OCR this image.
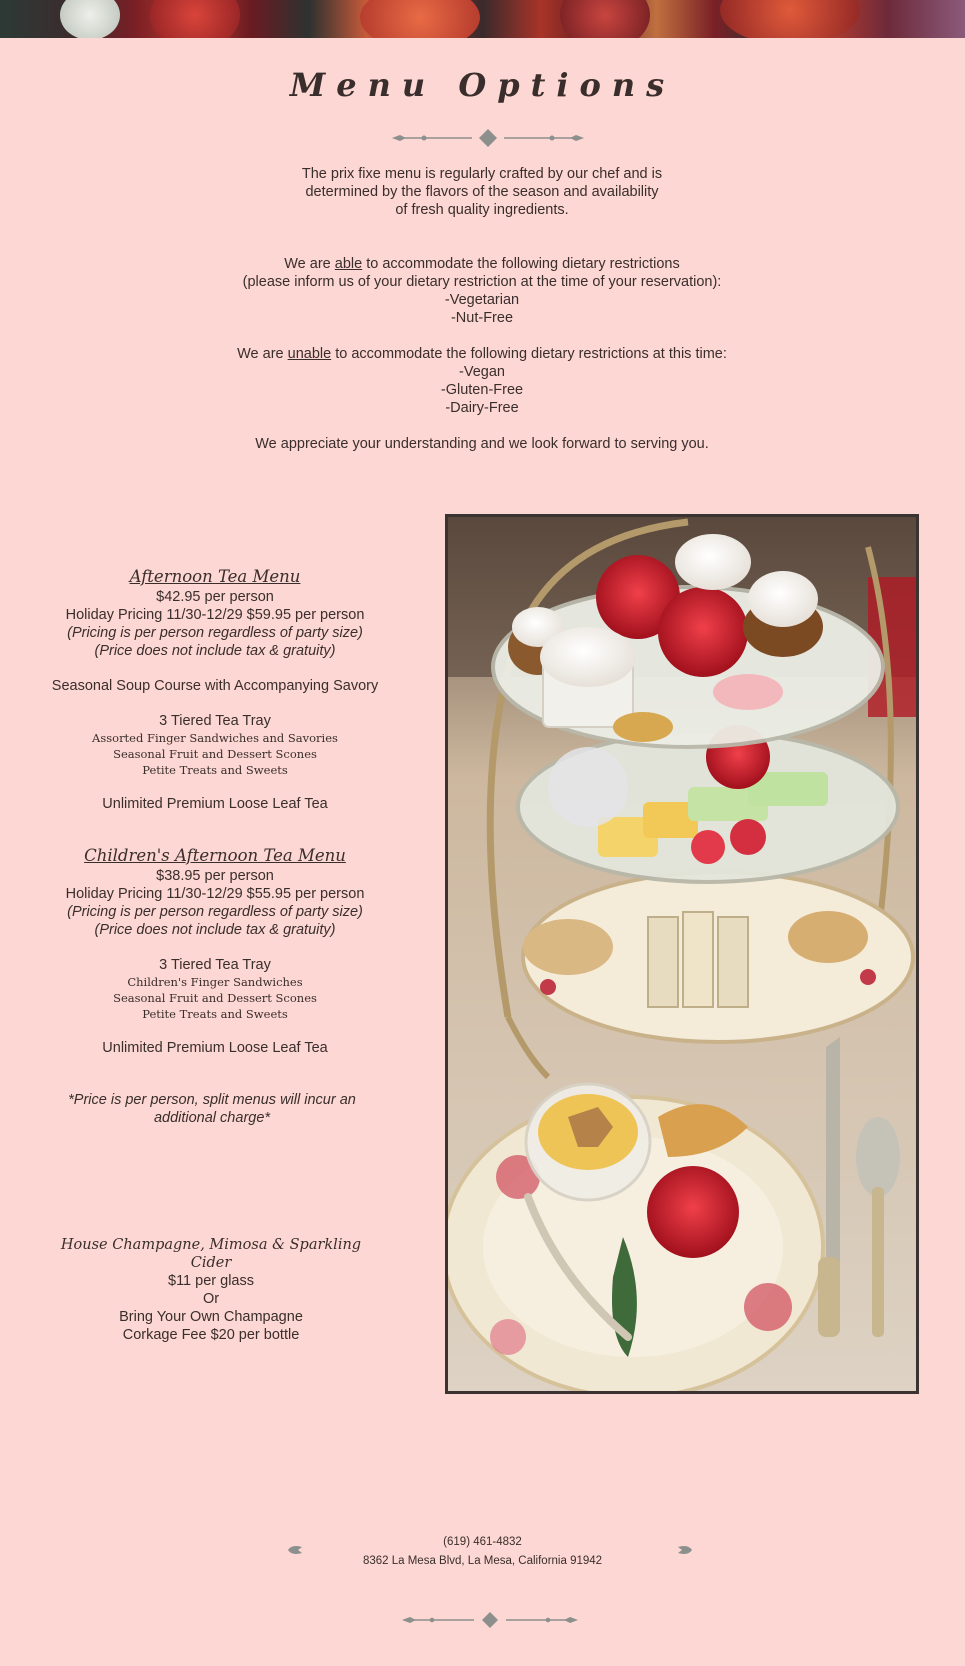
Menu Options

The prix fixe menu is regularly crafted by our chef and is

determined by the flavors of the season and availability

of fresh quality ingredients.

We are able to accommodate the following dietary restrictions

(please inform us of your dietary restriction at the time of your reservation):

-Vegetarian

-Nut-Free

We are unable to accommodate the following dietary restrictions at this time:

-Vegan

-Gluten-Free

-Dairy-Free

We appreciate your understanding and we look forward to serving you.

Afternoon Tea Menu
$42.95 per person
Holiday Pricing 11/30-12/29 $59.95 per person
(Pricing is per person regardless of party size)
(Price does not include tax & gratuity)
Seasonal Soup Course with Accompanying Savory
3 Tiered Tea Tray
Assorted Finger Sandwiches and Savories
Seasonal Fruit and Dessert Scones
Petite Treats and Sweets
Unlimited Premium Loose Leaf Tea
Children's Afternoon Tea Menu
$38.95 per person
Holiday Pricing 11/30-12/29 $55.95 per person
(Pricing is per person regardless of party size)
(Price does not include tax & gratuity)
3 Tiered Tea Tray
Children's Finger Sandwiches
Seasonal Fruit and Dessert Scones
Petite Treats and Sweets
Unlimited Premium Loose Leaf Tea
*Price is per person, split menus will incur an additional charge*
House Champagne, Mimosa & Sparkling Cider
$11 per glass
Or
Bring Your Own Champagne
Corkage Fee $20 per bottle
(619) 461-4832
8362 La Mesa Blvd, La Mesa, California 91942
